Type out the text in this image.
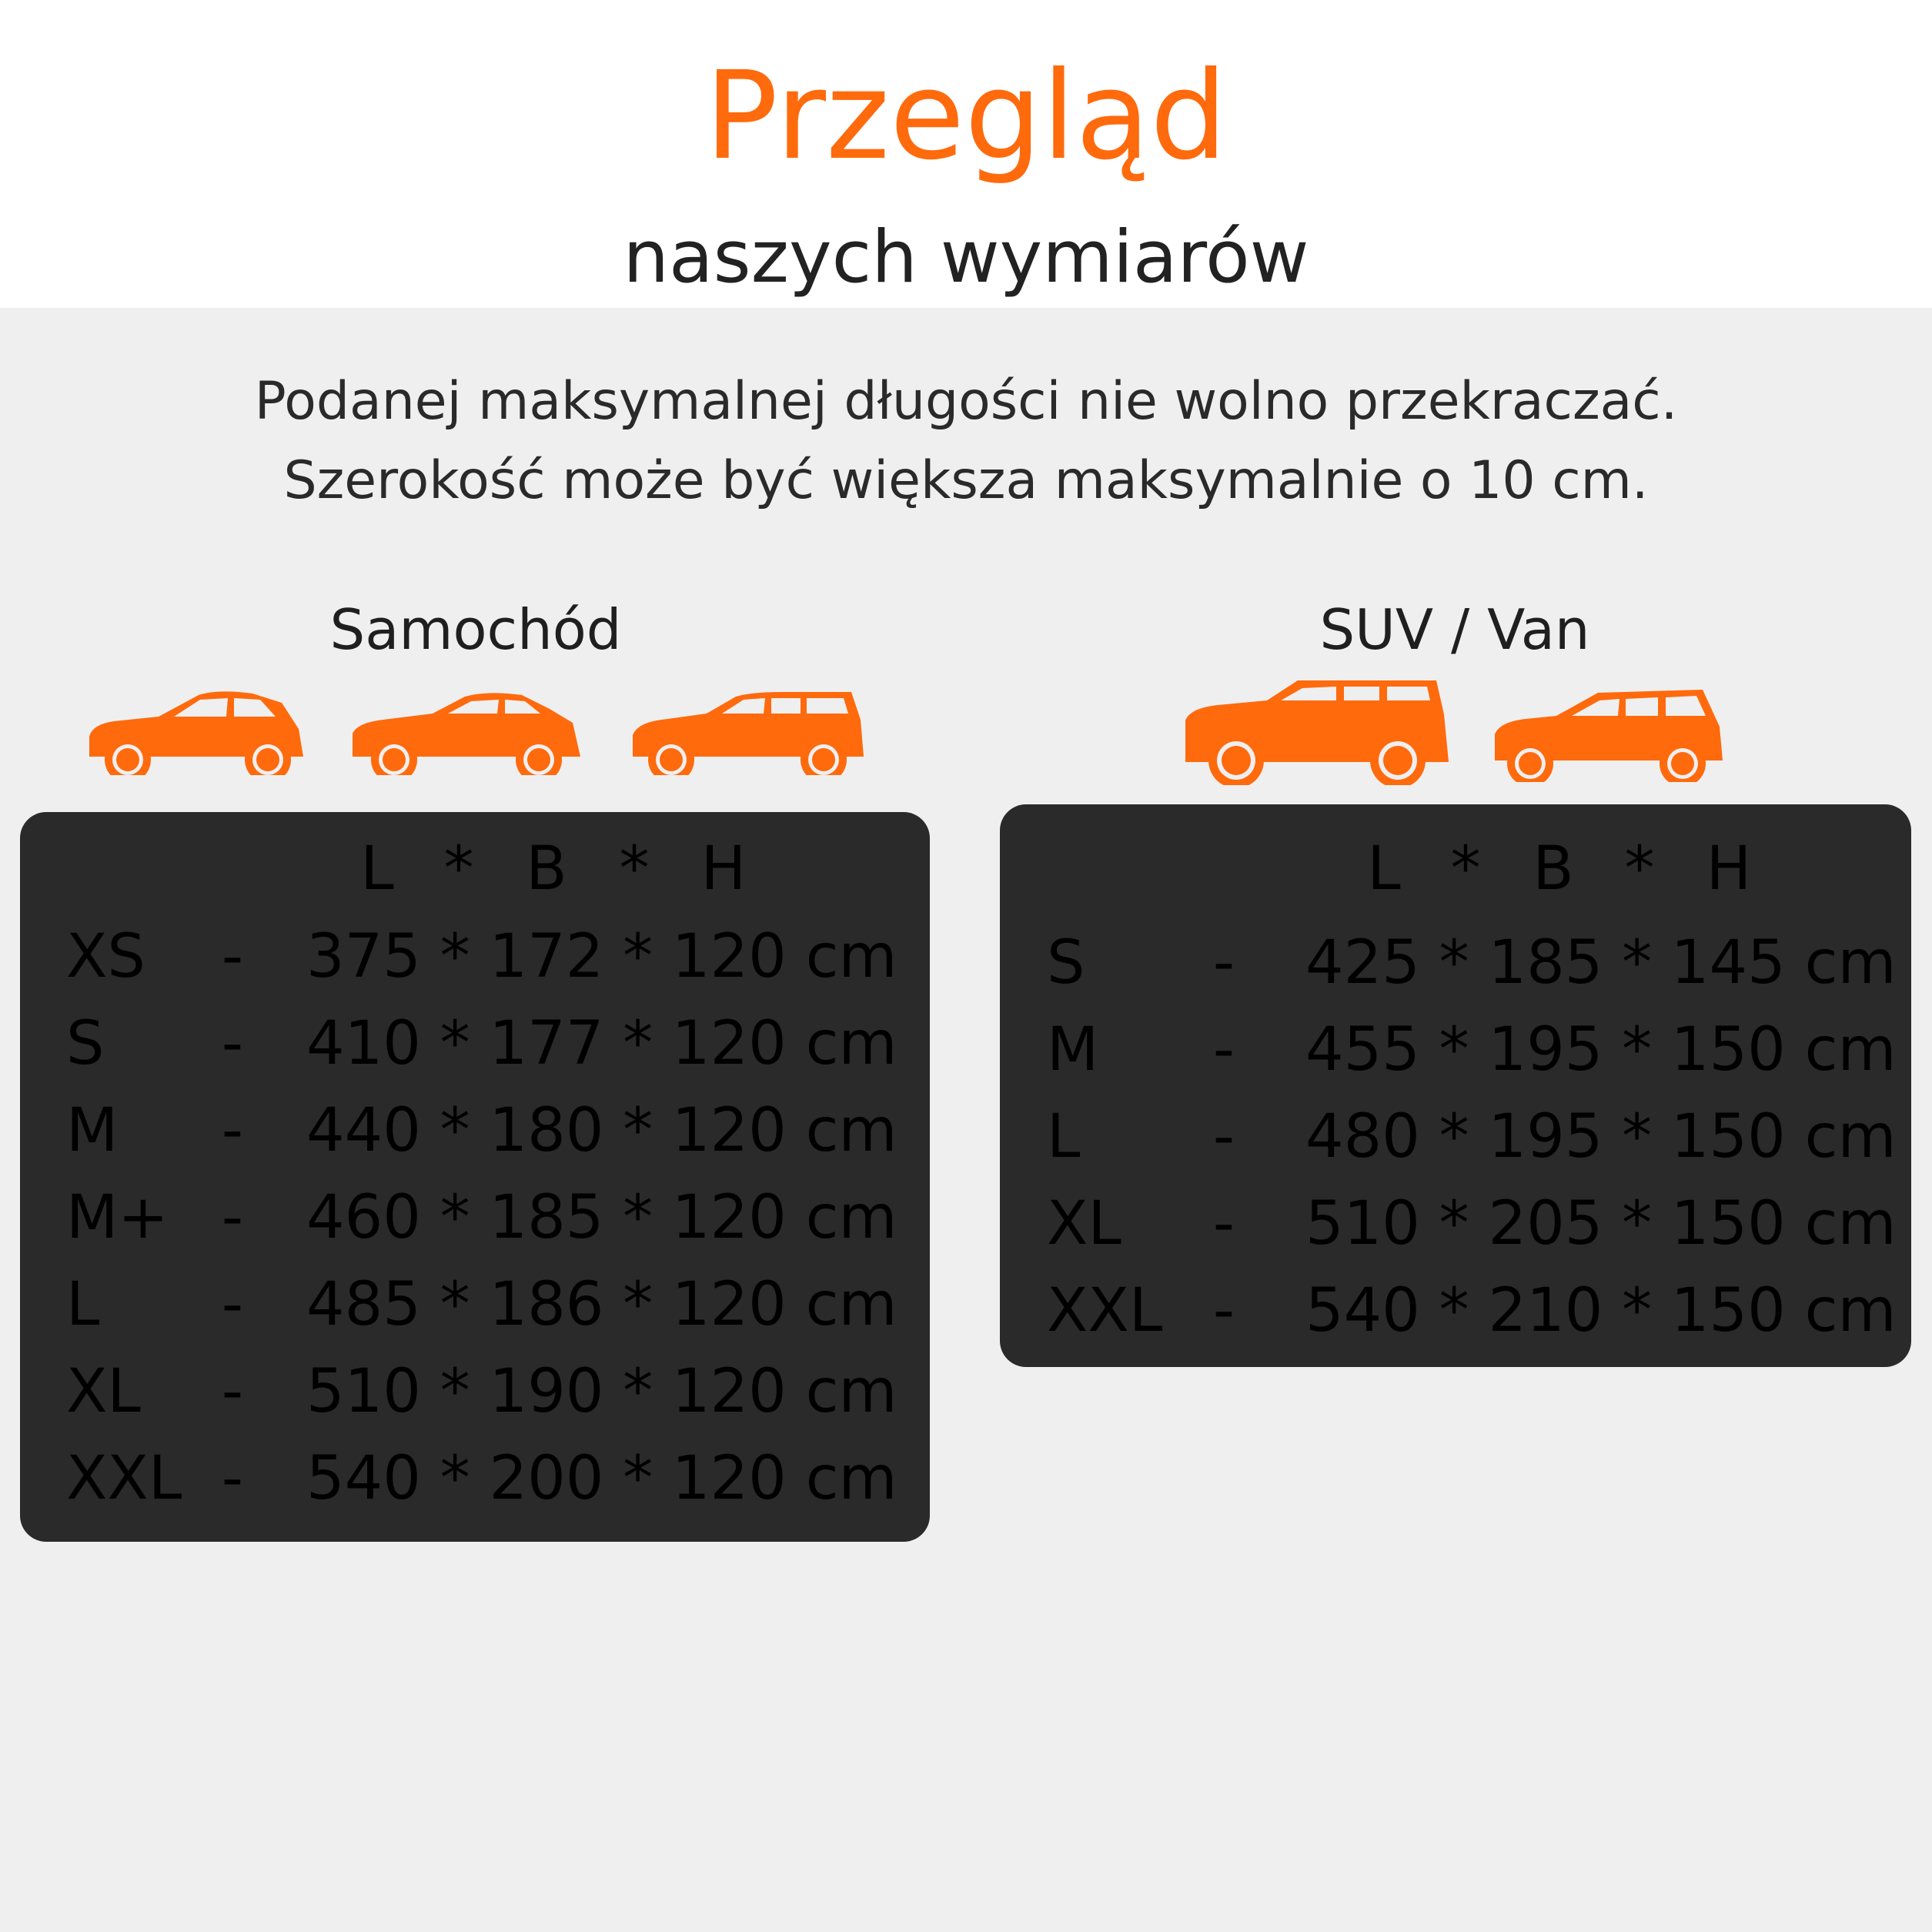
Przegląd
naszych wymiarów
Podanej maksymalnej długości nie wolno przekraczać.
Szerokość może być większa maksymalnie o 10 cm.
Samochód	SUV / Van
L * B * H
XS - 375 * 172 * 120 cm
S - 410 * 177 * 120 cm
M - 440 * 180 * 120 cm
M+ - 460 * 185 * 120 cm
L - 485 * 186 * 120 cm
XL - 510 * 190 * 120 cm
XXL - 540 * 200 * 120 cm
L * B * H
S - 425 * 185 * 145 cm
M - 455 * 195 * 150 cm
L - 480 * 195 * 150 cm
XL - 510 * 205 * 150 cm
XXL - 540 * 210 * 150 cm
